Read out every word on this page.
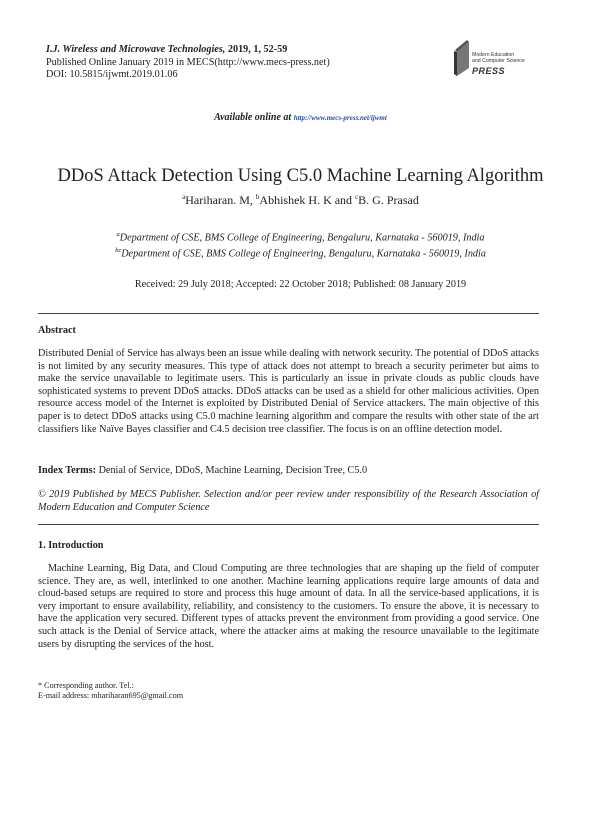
I.J. Wireless and Microwave Technologies, 2019, 1, 52-59
Published Online January 2019 in MECS(http://www.mecs-press.net)
DOI: 10.5815/ijwmt.2019.01.06
Modern Education
and Computer Science
PRESS
Available online at http://www.mecs-press.net/ijwmt
DDoS Attack Detection Using C5.0 Machine Learning Algorithm
$^a$Hariharan. M, $^b$Abhishek H. K and $^c$B. G. Prasad
$^a$Department of CSE, BMS College of Engineering, Bengaluru, Karnataka - 560019, India
$^{bc}$Department of CSE, BMS College of Engineering, Bengaluru, Karnataka - 560019, India
Received: 29 July 2018; Accepted: 22 October 2018; Published: 08 January 2019
Abstract

Distributed Denial of Service has always been an issue while dealing with network security. The potential of DDoS attacks is not limited by any security measures. This type of attack does not attempt to breach a security perimeter but aims to make the service unavailable to legitimate users. This is particularly an issue in private clouds as public clouds have sophisticated systems to prevent DDoS attacks. DDoS attacks can be used as a shield for other malicious activities. Open resource access model of the Internet is exploited by Distributed Denial of Service attackers. The main objective of this paper is to detect DDoS attacks using C5.0 machine learning algorithm and compare the results with other state of the art classifiers like Naïve Bayes classifier and C4.5 decision tree classifier. The focus is on an offline detection model.

Index Terms: Denial of Service, DDoS, Machine Learning, Decision Tree, C5.0
© 2019 Published by MECS Publisher. Selection and/or peer review under responsibility of the Research Association of Modern Education and Computer Science
1. Introduction

Machine Learning, Big Data, and Cloud Computing are three technologies that are shaping up the field of computer science. They are, as well, interlinked to one another. Machine learning applications require large amounts of data and cloud-based setups are required to store and process this huge amount of data. In all the service-based applications, it is very important to ensure availability, reliability, and consistency to the customers. To ensure the above, it is necessary to have the application very secured. Different types of attacks prevent the environment from providing a good service. One such attack is the Denial of Service attack, where the attacker aims at making the resource unavailable to the legitimate users by disrupting the services of the host.

* Corresponding author. Tel.:
E-mail address: mhariharan695@gmail.com
